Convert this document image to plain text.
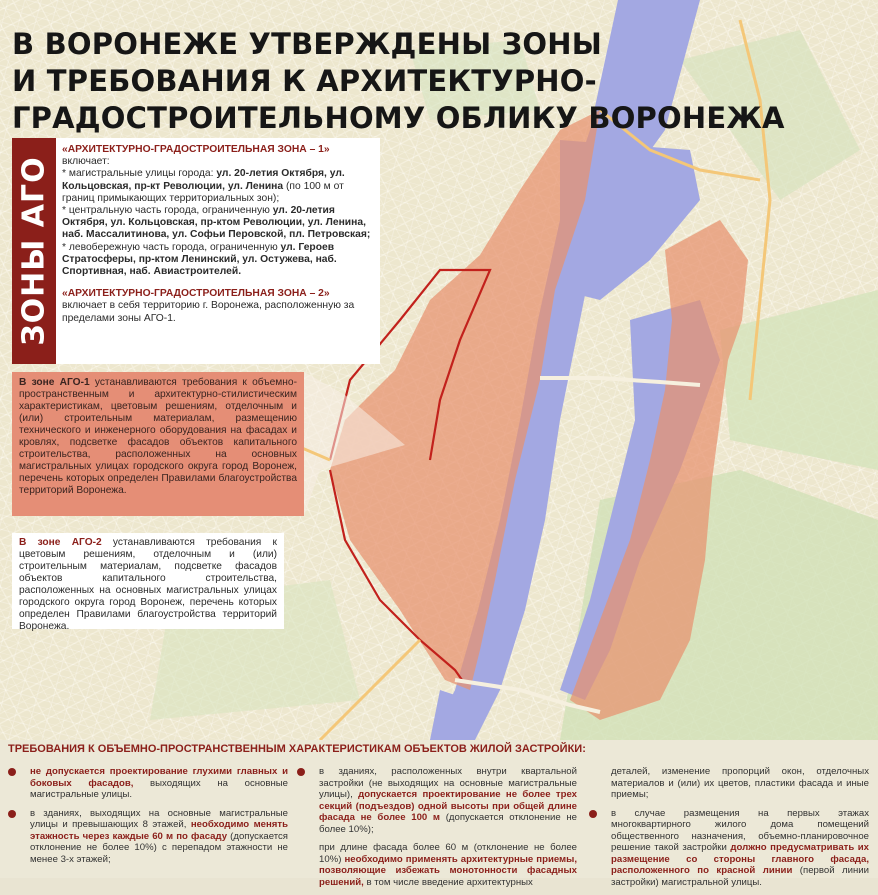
В ВОРОНЕЖЕ УТВЕРЖДЕНЫ ЗОНЫ
И ТРЕБОВАНИЯ К АРХИТЕКТУРНО-
ГРАДОСТРОИТЕЛЬНОМУ ОБЛИКУ ВОРОНЕЖА
ЗОНЫ АГО

«АРХИТЕКТУРНО-ГРАДОСТРОИТЕЛЬНАЯ ЗОНА – 1»

включает:

* магистральные улицы города: ул. 20-летия Октября, ул. Кольцовская, пр-кт Революции, ул. Ленина (по 100 м от границ примыкающих территориальных зон);

* центральную часть города, ограниченную ул. 20-летия Октября, ул. Кольцовская, пр-ктом Революции, ул. Ленина, наб. Массалитинова, ул. Софьи Перовской, пл. Петровская;

* левобережную часть города, ограниченную ул. Героев Стратосферы, пр-ктом Ленинский, ул. Остужева, наб. Спортивная, наб. Авиастроителей.

«АРХИТЕКТУРНО-ГРАДОСТРОИТЕЛЬНАЯ ЗОНА – 2»

включает в себя территорию г. Воронежа, расположенную за пределами зоны АГО-1.

В зоне АГО-1 устанавливаются требования к объемно-пространственным и архитектурно-стилистическим характеристикам, цветовым решениям, отделочным и (или) строительным материалам, размещению технического и инженерного оборудования на фасадах и кровлях, подсветке фасадов объектов капитального строительства, расположенных на основных магистральных улицах городского округа город Воронеж, перечень которых определен Правилами благоустройства территорий Воронежа.

В зоне АГО-2 устанавливаются требования к цветовым решениям, отделочным и (или) строительным материалам, подсветке фасадов объектов капитального строительства, расположенных на основных магистральных улицах городского округа город Воронеж, перечень которых определен Правилами благоустройства территорий Воронежа.

ТРЕБОВАНИЯ К ОБЪЕМНО-ПРОСТРАНСТВЕННЫМ ХАРАКТЕРИСТИКАМ ОБЪЕКТОВ ЖИЛОЙ ЗАСТРОЙКИ:
не допускается проектирование глухими главных и боковых фасадов, выходящих на основные магистральные улицы.
в зданиях, выходящих на основные магистральные улицы и превышающих 8 этажей, необходимо менять этажность через каждые 60 м по фасаду (допускается отклонение не более 10%) с перепадом этажности не менее 3-х этажей;
в зданиях, расположенных внутри квартальной застройки (не выходящих на основные магистральные улицы), допускается проектирование не более трех секций (подъездов) одной высоты при общей длине фасада не более 100 м (допускается отклонение не более 10%);
при длине фасада более 60 м (отклонение не более 10%) необходимо применять архитектурные приемы, позволяющие избежать монотонности фасадных решений, в том числе введение архитектурных
деталей, изменение пропорций окон, отделочных материалов и (или) их цветов, пластики фасада и иные приемы;
в случае размещения на первых этажах многоквартирного жилого дома помещений общественного назначения, объемно-планировочное решение такой застройки должно предусматривать их размещение со стороны главного фасада, расположенного по красной линии (первой линии застройки) магистральной улицы.
